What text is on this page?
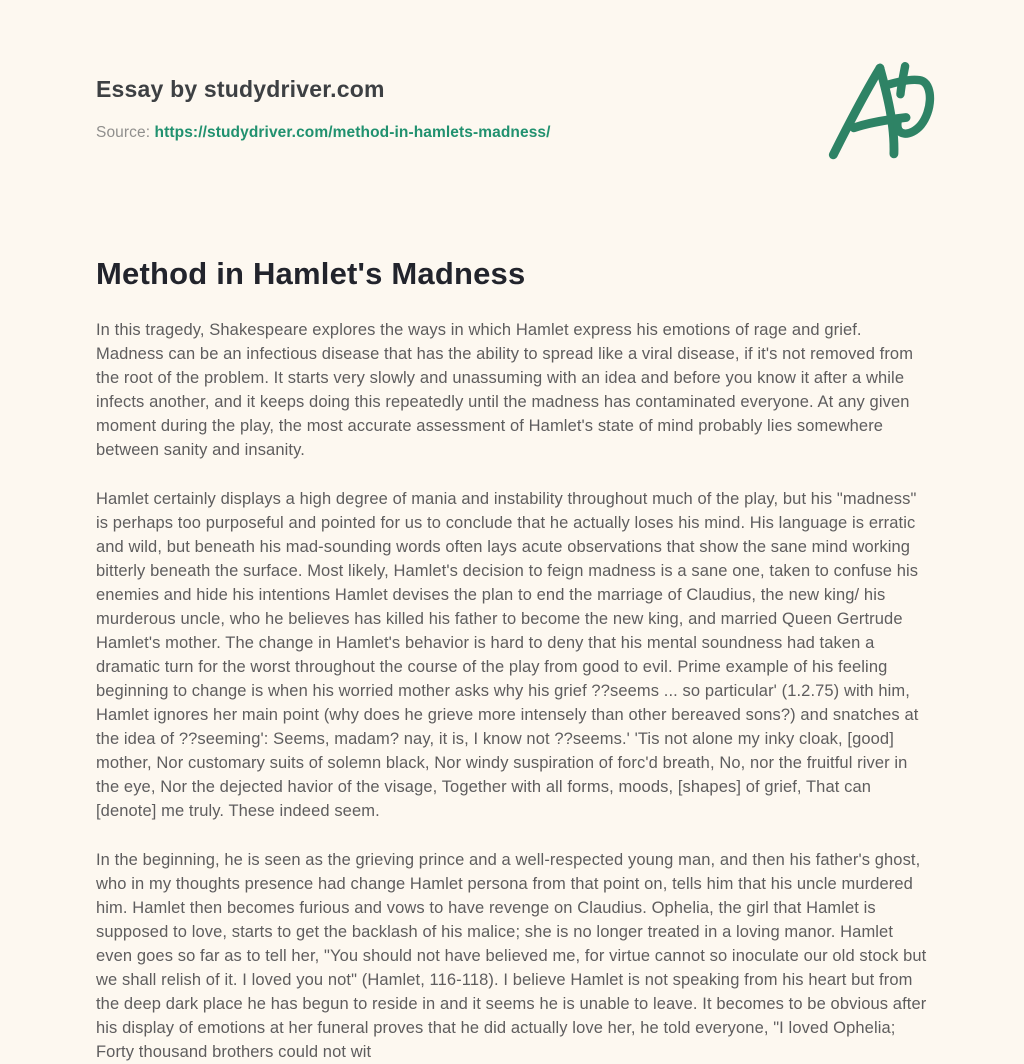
Essay by studydriver.com
Source: https://studydriver.com/method-in-hamlets-madness/
Method in Hamlet's Madness

In this tragedy, Shakespeare explores the ways in which Hamlet express his emotions of rage and grief. Madness can be an infectious disease that has the ability to spread like a viral disease, if it's not removed from the root of the problem. It starts very slowly and unassuming with an idea and before you know it after a while infects another, and it keeps doing this repeatedly until the madness has contaminated everyone. At any given moment during the play, the most accurate assessment of Hamlet's state of mind probably lies somewhere between sanity and insanity.

Hamlet certainly displays a high degree of mania and instability throughout much of the play, but his "madness" is perhaps too purposeful and pointed for us to conclude that he actually loses his mind. His language is erratic and wild, but beneath his mad-sounding words often lays acute observations that show the sane mind working bitterly beneath the surface. Most likely, Hamlet's decision to feign madness is a sane one, taken to confuse his enemies and hide his intentions Hamlet devises the plan to end the marriage of Claudius, the new king/ his murderous uncle, who he believes has killed his father to become the new king, and married Queen Gertrude Hamlet's mother. The change in Hamlet's behavior is hard to deny that his mental soundness had taken a dramatic turn for the worst throughout the course of the play from good to evil. Prime example of his feeling beginning to change is when his worried mother asks why his grief ??seems ... so particular' (1.2.75) with him, Hamlet ignores her main point (why does he grieve more intensely than other bereaved sons?) and snatches at the idea of ??seeming': Seems, madam? nay, it is, I know not ??seems.' 'Tis not alone my inky cloak, [good] mother, Nor customary suits of solemn black, Nor windy suspiration of forc'd breath, No, nor the fruitful river in the eye, Nor the dejected havior of the visage, Together with all forms, moods, [shapes] of grief, That can [denote] me truly. These indeed seem.

In the beginning, he is seen as the grieving prince and a well-respected young man, and then his father's ghost, who in my thoughts presence had change Hamlet persona from that point on, tells him that his uncle murdered him. Hamlet then becomes furious and vows to have revenge on Claudius. Ophelia, the girl that Hamlet is supposed to love, starts to get the backlash of his malice; she is no longer treated in a loving manor. Hamlet even goes so far as to tell her, "You should not have believed me, for virtue cannot so inoculate our old stock but we shall relish of it. I loved you not" (Hamlet, 116-118). I believe Hamlet is not speaking from his heart but from the deep dark place he has begun to reside in and it seems he is unable to leave. It becomes to be obvious after his display of emotions at her funeral proves that he did actually love her, he told everyone, "I loved Ophelia; Forty thousand brothers could not wit
